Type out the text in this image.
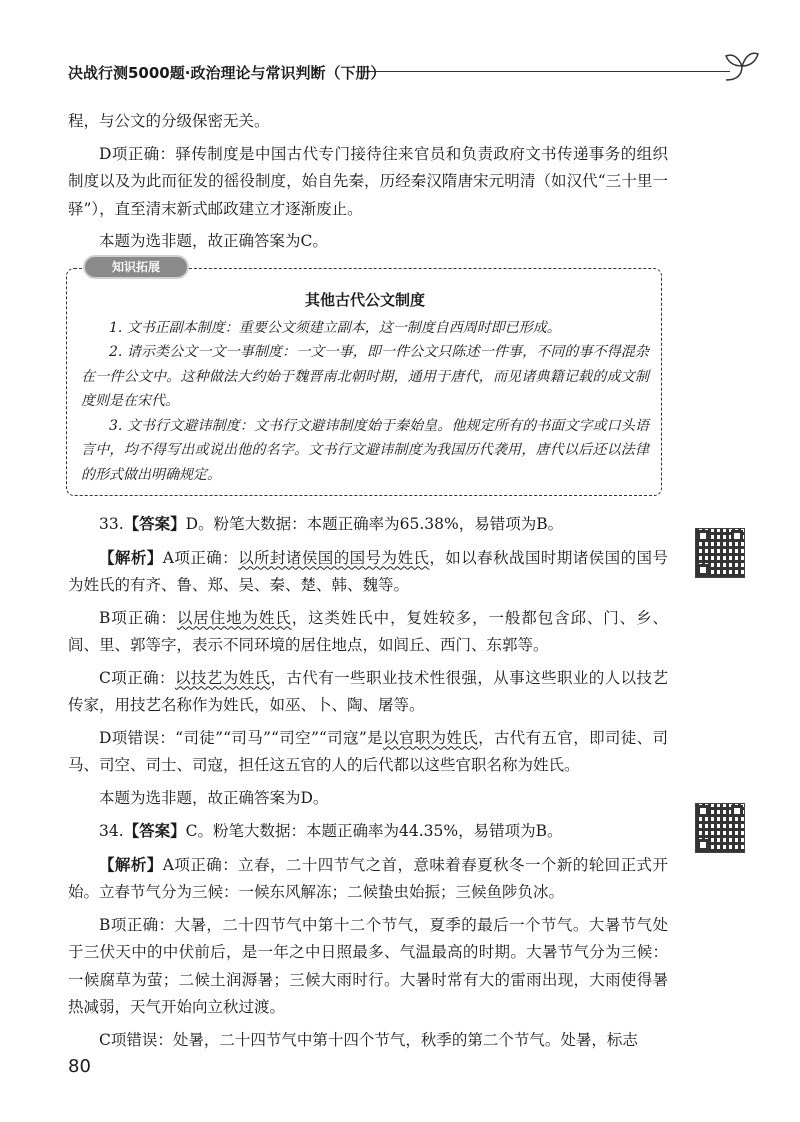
决战行测5000题·政治理论与常识判断（下册）

程，与公文的分级保密无关。

D项正确：驿传制度是中国古代专门接待往来官员和负责政府文书传递事务的组织制度以及为此而征发的徭役制度，始自先秦，历经秦汉隋唐宋元明清（如汉代“三十里一驿”），直至清末新式邮政建立才逐渐废止。

本题为选非题，故正确答案为C。

知识拓展
其他古代公文制度

1. 文书正副本制度：重要公文须建立副本，这一制度自西周时即已形成。

2. 请示类公文一文一事制度：一文一事，即一件公文只陈述一件事，不同的事不得混杂在一件公文中。这种做法大约始于魏晋南北朝时期，通用于唐代，而见诸典籍记载的成文制度则是在宋代。

3. 文书行文避讳制度：文书行文避讳制度始于秦始皇。他规定所有的书面文字或口头语言中，均不得写出或说出他的名字。文书行文避讳制度为我国历代袭用，唐代以后还以法律的形式做出明确规定。

33.【答案】D。粉笔大数据：本题正确率为65.38%，易错项为B。

【解析】A项正确：以所封诸侯国的国号为姓氏，如以春秋战国时期诸侯国的国号为姓氏的有齐、鲁、郑、吴、秦、楚、韩、魏等。

B项正确：以居住地为姓氏，这类姓氏中，复姓较多，一般都包含邱、门、乡、闾、里、郭等字，表示不同环境的居住地点，如闾丘、西门、东郭等。

C项正确：以技艺为姓氏，古代有一些职业技术性很强，从事这些职业的人以技艺传家，用技艺名称作为姓氏，如巫、卜、陶、屠等。

D项错误：“司徒”“司马”“司空”“司寇”是以官职为姓氏，古代有五官，即司徒、司马、司空、司士、司寇，担任这五官的人的后代都以这些官职名称为姓氏。

本题为选非题，故正确答案为D。

34.【答案】C。粉笔大数据：本题正确率为44.35%，易错项为B。

【解析】A项正确：立春，二十四节气之首，意味着春夏秋冬一个新的轮回正式开始。立春节气分为三候：一候东风解冻；二候蛰虫始振；三候鱼陟负冰。

B项正确：大暑，二十四节气中第十二个节气，夏季的最后一个节气。大暑节气处于三伏天中的中伏前后，是一年之中日照最多、气温最高的时期。大暑节气分为三候：一候腐草为萤；二候土润溽暑；三候大雨时行。大暑时常有大的雷雨出现，大雨使得暑热减弱，天气开始向立秋过渡。

C项错误：处暑，二十四节气中第十四个节气，秋季的第二个节气。处暑，标志

80
